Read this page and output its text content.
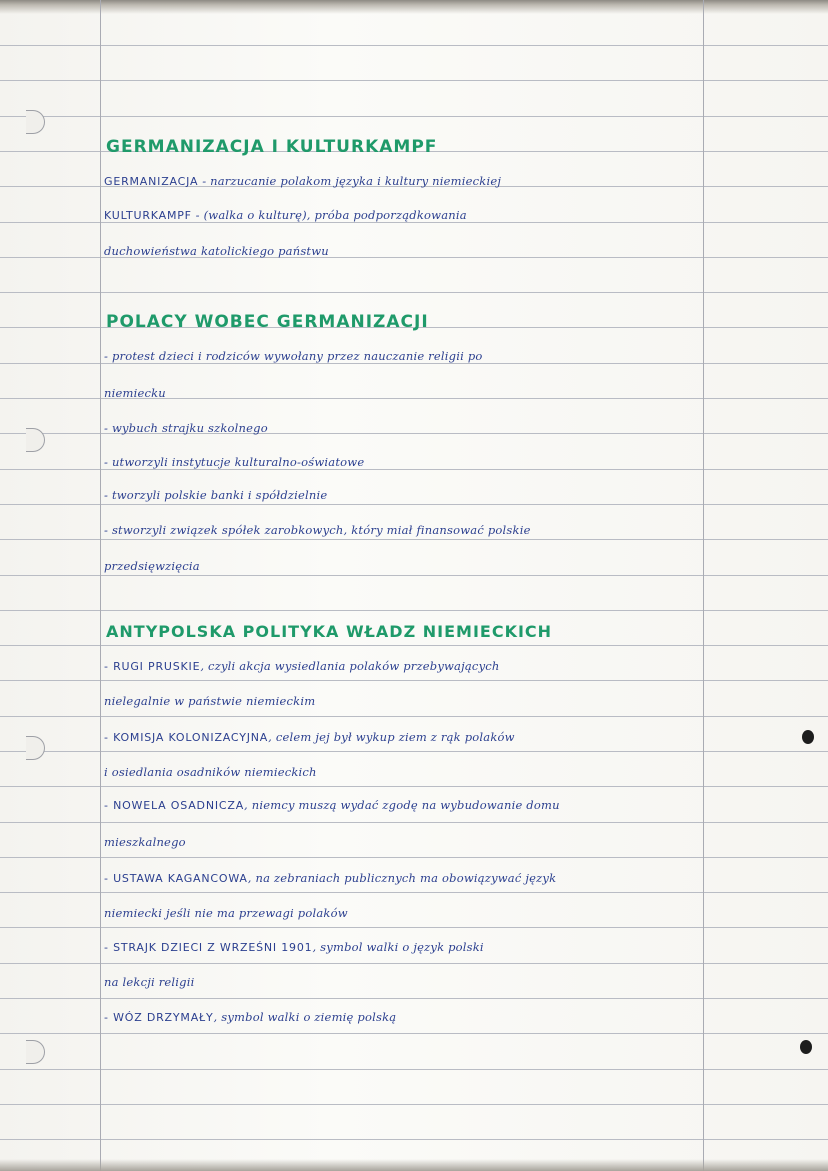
GERMANIZACJA I KULTURKAMPF
GERMANIZACJA - narzucanie polakom języka i kultury niemieckiej
KULTURKAMPF - (walka o kulturę), próba podporządkowania
duchowieństwa katolickiego państwu
POLACY WOBEC GERMANIZACJI
- protest dzieci i rodziców wywołany przez nauczanie religii po
niemiecku
- wybuch strajku szkolnego
- utworzyli instytucje kulturalno-oświatowe
- tworzyli polskie banki i spółdzielnie
- stworzyli związek spółek zarobkowych, który miał finansować polskie
przedsięwzięcia
ANTYPOLSKA POLITYKA WŁADZ NIEMIECKICH
- RUGI PRUSKIE, czyli akcja wysiedlania polaków przebywających
nielegalnie w państwie niemieckim
- KOMISJA KOLONIZACYJNA, celem jej był wykup ziem z rąk polaków
i osiedlania osadników niemieckich
- NOWELA OSADNICZA, niemcy muszą wydać zgodę na wybudowanie domu
mieszkalnego
- USTAWA KAGANCOWA, na zebraniach publicznych ma obowiązywać język
niemiecki jeśli nie ma przewagi polaków
- STRAJK DZIECI Z WRZEŚNI 1901, symbol walki o język polski
na lekcji religii
- WÓZ DRZYMAŁY, symbol walki o ziemię polską
